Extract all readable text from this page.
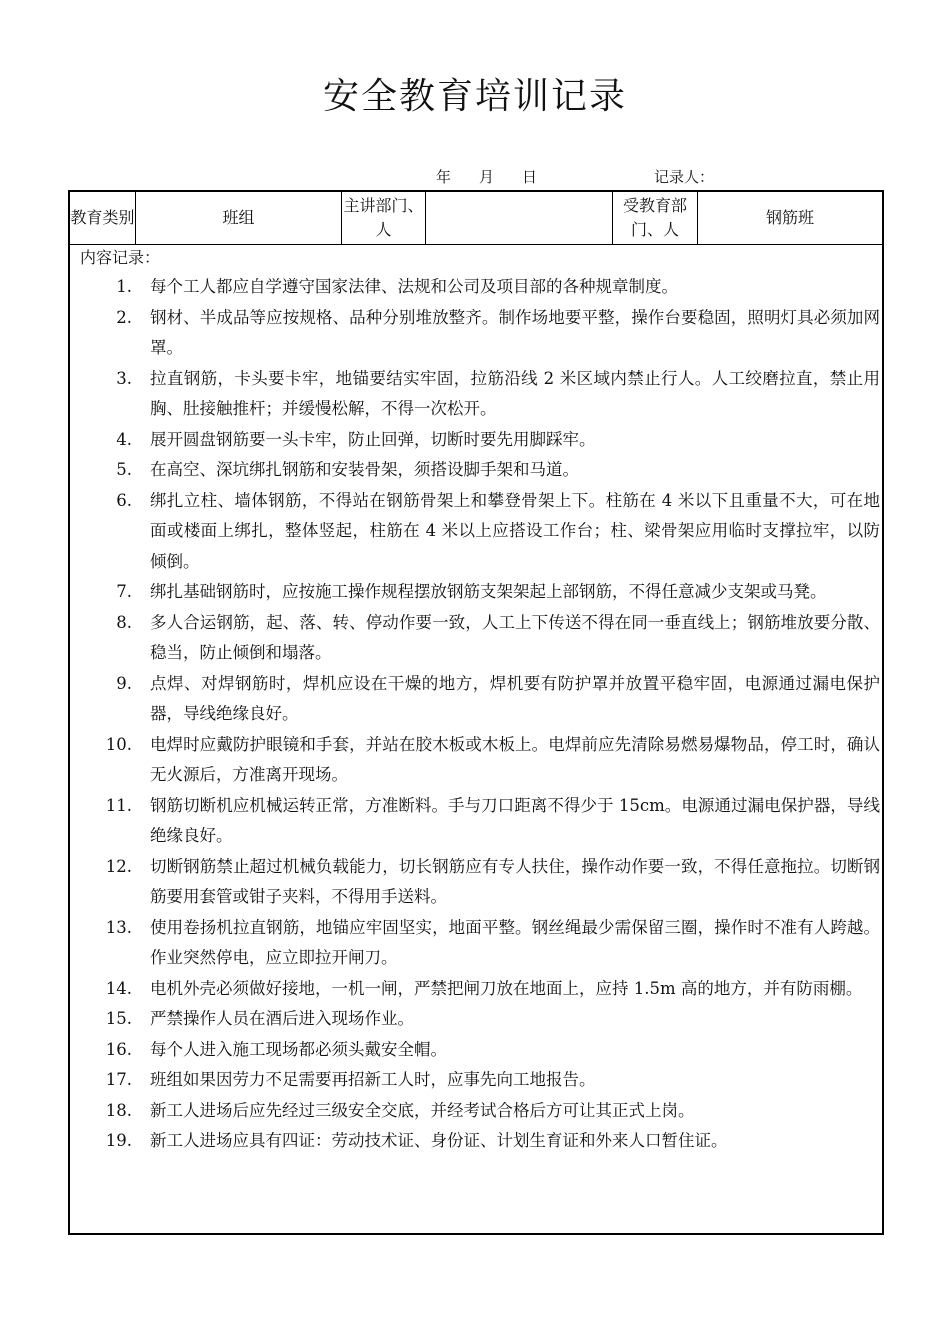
安全教育培训记录
年 月 日	记录人：
教育类别	班组
主讲部门、人
受教育部门、人
钢筋班
内容记录：
1. 每个工人都应自学遵守国家法律、法规和公司及项目部的各种规章制度。
2. 钢材、半成品等应按规格、品种分别堆放整齐。制作场地要平整，操作台要稳固，照明灯具必须加网罩。
3. 拉直钢筋，卡头要卡牢，地锚要结实牢固，拉筋沿线 2 米区域内禁止行人。人工绞磨拉直，禁止用胸、肚接触推杆；并缓慢松解，不得一次松开。
4. 展开圆盘钢筋要一头卡牢，防止回弹，切断时要先用脚踩牢。
5. 在高空、深坑绑扎钢筋和安装骨架，须搭设脚手架和马道。
6. 绑扎立柱、墙体钢筋，不得站在钢筋骨架上和攀登骨架上下。柱筋在 4 米以下且重量不大，可在地面或楼面上绑扎，整体竖起，柱筋在 4 米以上应搭设工作台；柱、梁骨架应用临时支撑拉牢，以防倾倒。
7. 绑扎基础钢筋时，应按施工操作规程摆放钢筋支架架起上部钢筋，不得任意减少支架或马凳。
8. 多人合运钢筋，起、落、转、停动作要一致，人工上下传送不得在同一垂直线上；钢筋堆放要分散、稳当，防止倾倒和塌落。
9. 点焊、对焊钢筋时，焊机应设在干燥的地方，焊机要有防护罩并放置平稳牢固，电源通过漏电保护器，导线绝缘良好。
10. 电焊时应戴防护眼镜和手套，并站在胶木板或木板上。电焊前应先清除易燃易爆物品，停工时，确认无火源后，方准离开现场。
11. 钢筋切断机应机械运转正常，方准断料。手与刀口距离不得少于 15cm。电源通过漏电保护器，导线绝缘良好。
12. 切断钢筋禁止超过机械负载能力，切长钢筋应有专人扶住，操作动作要一致，不得任意拖拉。切断钢筋要用套管或钳子夹料，不得用手送料。
13. 使用卷扬机拉直钢筋，地锚应牢固坚实，地面平整。钢丝绳最少需保留三圈，操作时不准有人跨越。作业突然停电，应立即拉开闸刀。
14. 电机外壳必须做好接地，一机一闸，严禁把闸刀放在地面上，应持 1.5m 高的地方，并有防雨棚。
15. 严禁操作人员在酒后进入现场作业。
16. 每个人进入施工现场都必须头戴安全帽。
17. 班组如果因劳力不足需要再招新工人时，应事先向工地报告。
18. 新工人进场后应先经过三级安全交底，并经考试合格后方可让其正式上岗。
19. 新工人进场应具有四证：劳动技术证、身份证、计划生育证和外来人口暂住证。
